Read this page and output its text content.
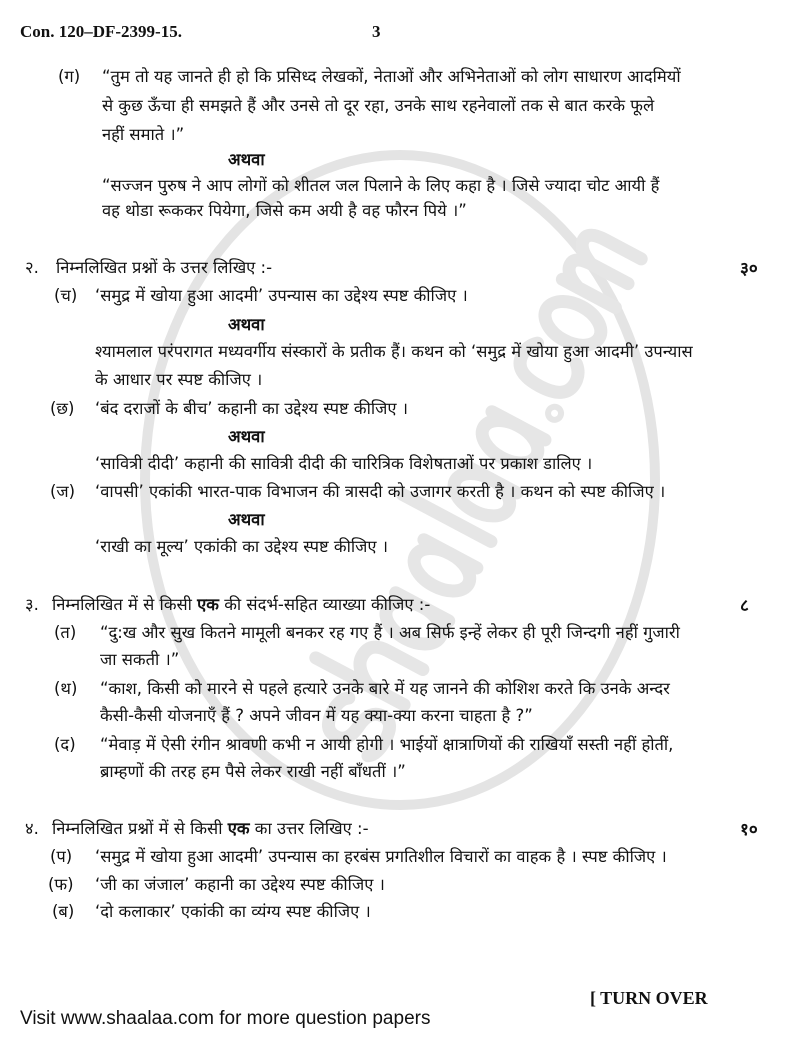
Con. 120–DF-2399-15.	3
(ग) “तुम तो यह जानते ही हो कि प्रसिध्द लेखकों, नेताओं और अभिनेताओं को लोग साधारण आदमियों
से कुछ ऊँचा ही समझते हैं और उनसे तो दूर रहा, उनके साथ रहनेवालों तक से बात करके फूले
नहीं समाते ।”
अथवा
“सज्जन पुरुष ने आप लोगों को शीतल जल पिलाने के लिए कहा है । जिसे ज्यादा चोट आयी हैं
वह थोडा रूककर पियेगा, जिसे कम अयी है वह फौरन पिये ।”
२. निम्नलिखित प्रश्नों के उत्तर लिखिए :-	३०
(च) ‘समुद्र में खोया हुआ आदमी’ उपन्यास का उद्देश्य स्पष्ट कीजिए ।
अथवा
श्यामलाल परंपरागत मध्यवर्गीय संस्कारों के प्रतीक हैं। कथन को ‘समुद्र में खोया हुआ आदमी’ उपन्यास
के आधार पर स्पष्ट कीजिए ।
(छ) ‘बंद दराजों के बीच’ कहानी का उद्देश्य स्पष्ट कीजिए ।
अथवा
‘सावित्री दीदी’ कहानी की सावित्री दीदी की चारित्रिक विशेषताओं पर प्रकाश डालिए ।
(ज) ‘वापसी’ एकांकी भारत-पाक विभाजन की त्रासदी को उजागर करती है । कथन को स्पष्ट कीजिए ।
अथवा
‘राखी का मूल्य’ एकांकी का उद्देश्य स्पष्ट कीजिए ।
३. निम्नलिखित में से किसी एक की संदर्भ-सहित व्याख्या कीजिए :-	८
(त) “दु:ख और सुख कितने मामूली बनकर रह गए हैं । अब सिर्फ इन्हें लेकर ही पूरी जिन्दगी नहीं गुजारी
जा सकती ।”
(थ) “काश, किसी को मारने से पहले हत्यारे उनके बारे में यह जानने की कोशिश करते कि उनके अन्दर
कैसी-कैसी योजनाएँ हैं ? अपने जीवन में यह क्या-क्या करना चाहता है ?”
(द) “मेवाड़ में ऐसी रंगीन श्रावणी कभी न आयी होगी । भाईयों क्षात्राणियों की राखियाँ सस्ती नहीं होतीं,
ब्राम्हणों की तरह हम पैसे लेकर राखी नहीं बाँधतीं ।”
४. निम्नलिखित प्रश्नों में से किसी एक का उत्तर लिखिए :-	१०
(प) ‘समुद्र में खोया हुआ आदमी’ उपन्यास का हरबंस प्रगतिशील विचारों का वाहक है । स्पष्ट कीजिए ।
(फ) ‘जी का जंजाल’ कहानी का उद्देश्य स्पष्ट कीजिए ।
(ब) ‘दो कलाकार’ एकांकी का व्यंग्य स्पष्ट कीजिए ।
[ TURN OVER
Visit www.shaalaa.com for more question papers
